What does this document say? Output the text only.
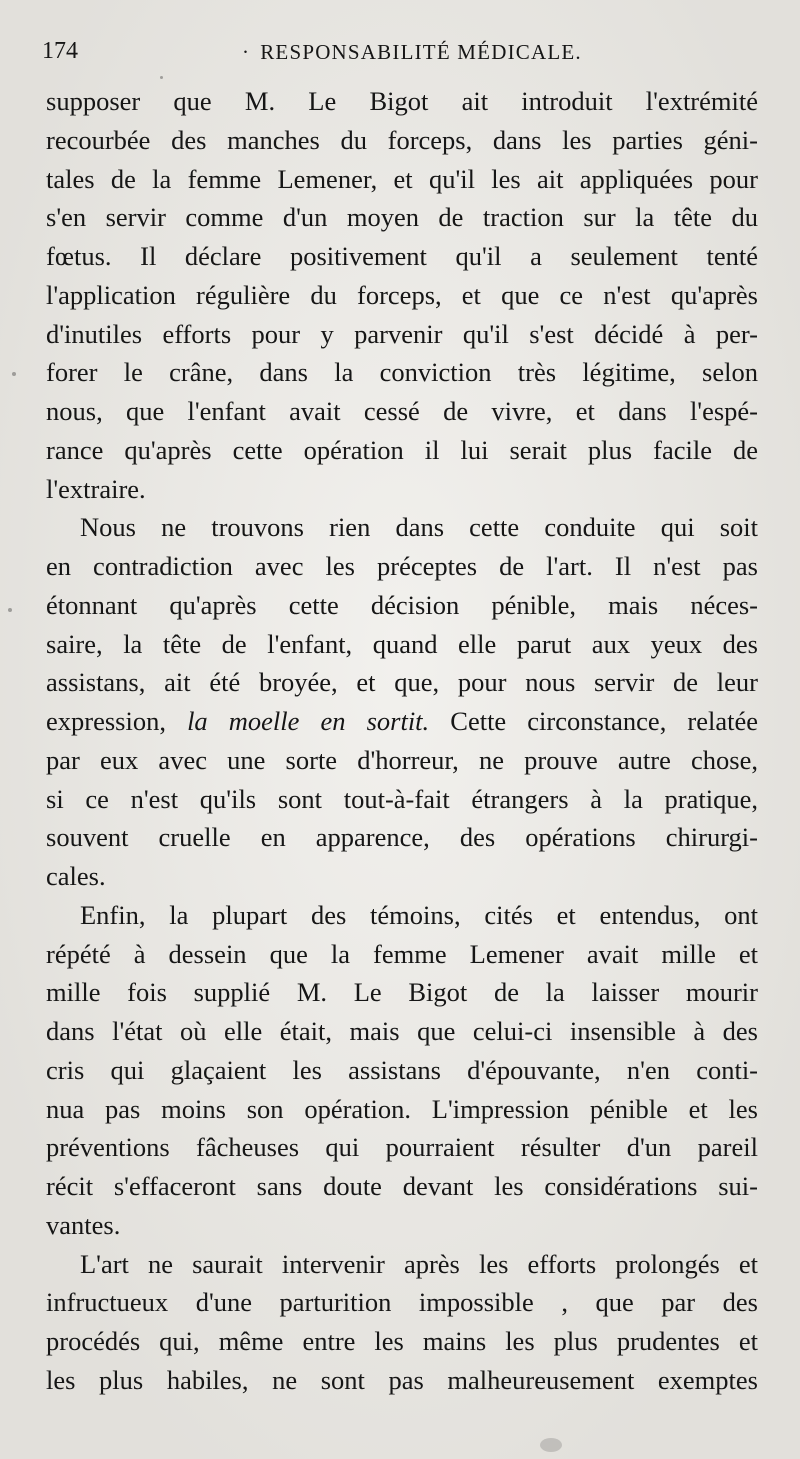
174	· RESPONSABILITÉ MÉDICALE.
supposer que M. Le Bigot ait introduit l'extrémité
recourbée des manches du forceps, dans les parties géni-
tales de la femme Lemener, et qu'il les ait appliquées pour
s'en servir comme d'un moyen de traction sur la tête du
fœtus. Il déclare positivement qu'il a seulement tenté
l'application régulière du forceps, et que ce n'est qu'après
d'inutiles efforts pour y parvenir qu'il s'est décidé à per-
forer le crâne, dans la conviction très légitime, selon
nous, que l'enfant avait cessé de vivre, et dans l'espé-
rance qu'après cette opération il lui serait plus facile de
l'extraire.
Nous ne trouvons rien dans cette conduite qui soit
en contradiction avec les préceptes de l'art. Il n'est pas
étonnant qu'après cette décision pénible, mais néces-
saire, la tête de l'enfant, quand elle parut aux yeux des
assistans, ait été broyée, et que, pour nous servir de leur
expression, la moelle en sortit. Cette circonstance, relatée
par eux avec une sorte d'horreur, ne prouve autre chose,
si ce n'est qu'ils sont tout-à-fait étrangers à la pratique,
souvent cruelle en apparence, des opérations chirurgi-
cales.
Enfin, la plupart des témoins, cités et entendus, ont
répété à dessein que la femme Lemener avait mille et
mille fois supplié M. Le Bigot de la laisser mourir
dans l'état où elle était, mais que celui-ci insensible à des
cris qui glaçaient les assistans d'épouvante, n'en conti-
nua pas moins son opération. L'impression pénible et les
préventions fâcheuses qui pourraient résulter d'un pareil
récit s'effaceront sans doute devant les considérations sui-
vantes.
L'art ne saurait intervenir après les efforts prolongés et
infructueux d'une parturition impossible , que par des
procédés qui, même entre les mains les plus prudentes et
les plus habiles, ne sont pas malheureusement exemptes
